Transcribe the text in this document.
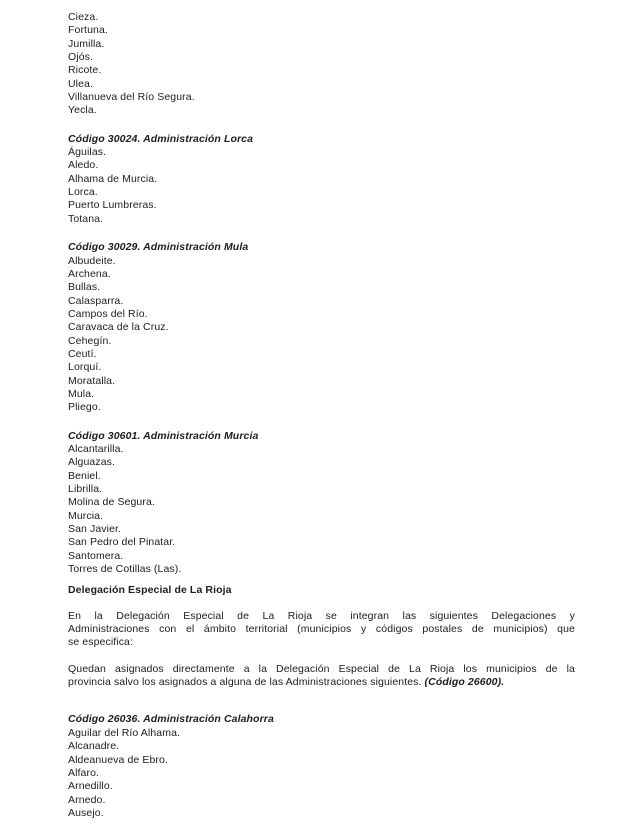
Cieza.
Fortuna.
Jumilla.
Ojós.
Ricote.
Ulea.
Villanueva del Río Segura.
Yecla.
Código 30024. Administración Lorca
Águilas.
Aledo.
Alhama de Murcia.
Lorca.
Puerto Lumbreras.
Totana.
Código 30029. Administración Mula
Albudeite.
Archena.
Bullas.
Calasparra.
Campos del Río.
Caravaca de la Cruz.
Cehegín.
Ceutí.
Lorquí.
Moratalla.
Mula.
Pliego.
Código 30601. Administración Murcia
Alcantarilla.
Alguazas.
Beniel.
Librilla.
Molina de Segura.
Murcia.
San Javier.
San Pedro del Pinatar.
Santomera.
Torres de Cotillas (Las).
Delegación Especial de La Rioja
En la Delegación Especial de La Rioja se integran las siguientes Delegaciones y
Administraciones con el ámbito territorial (municipios y códigos postales de municipios) que
se especifica:
Quedan asignados directamente a la Delegación Especial de La Rioja los municipios de la
provincia salvo los asignados a alguna de las Administraciones siguientes. (Código 26600).
Código 26036. Administración Calahorra
Aguilar del Río Alhama.
Alcanadre.
Aldeanueva de Ebro.
Alfaro.
Arnedillo.
Arnedo.
Ausejo.
